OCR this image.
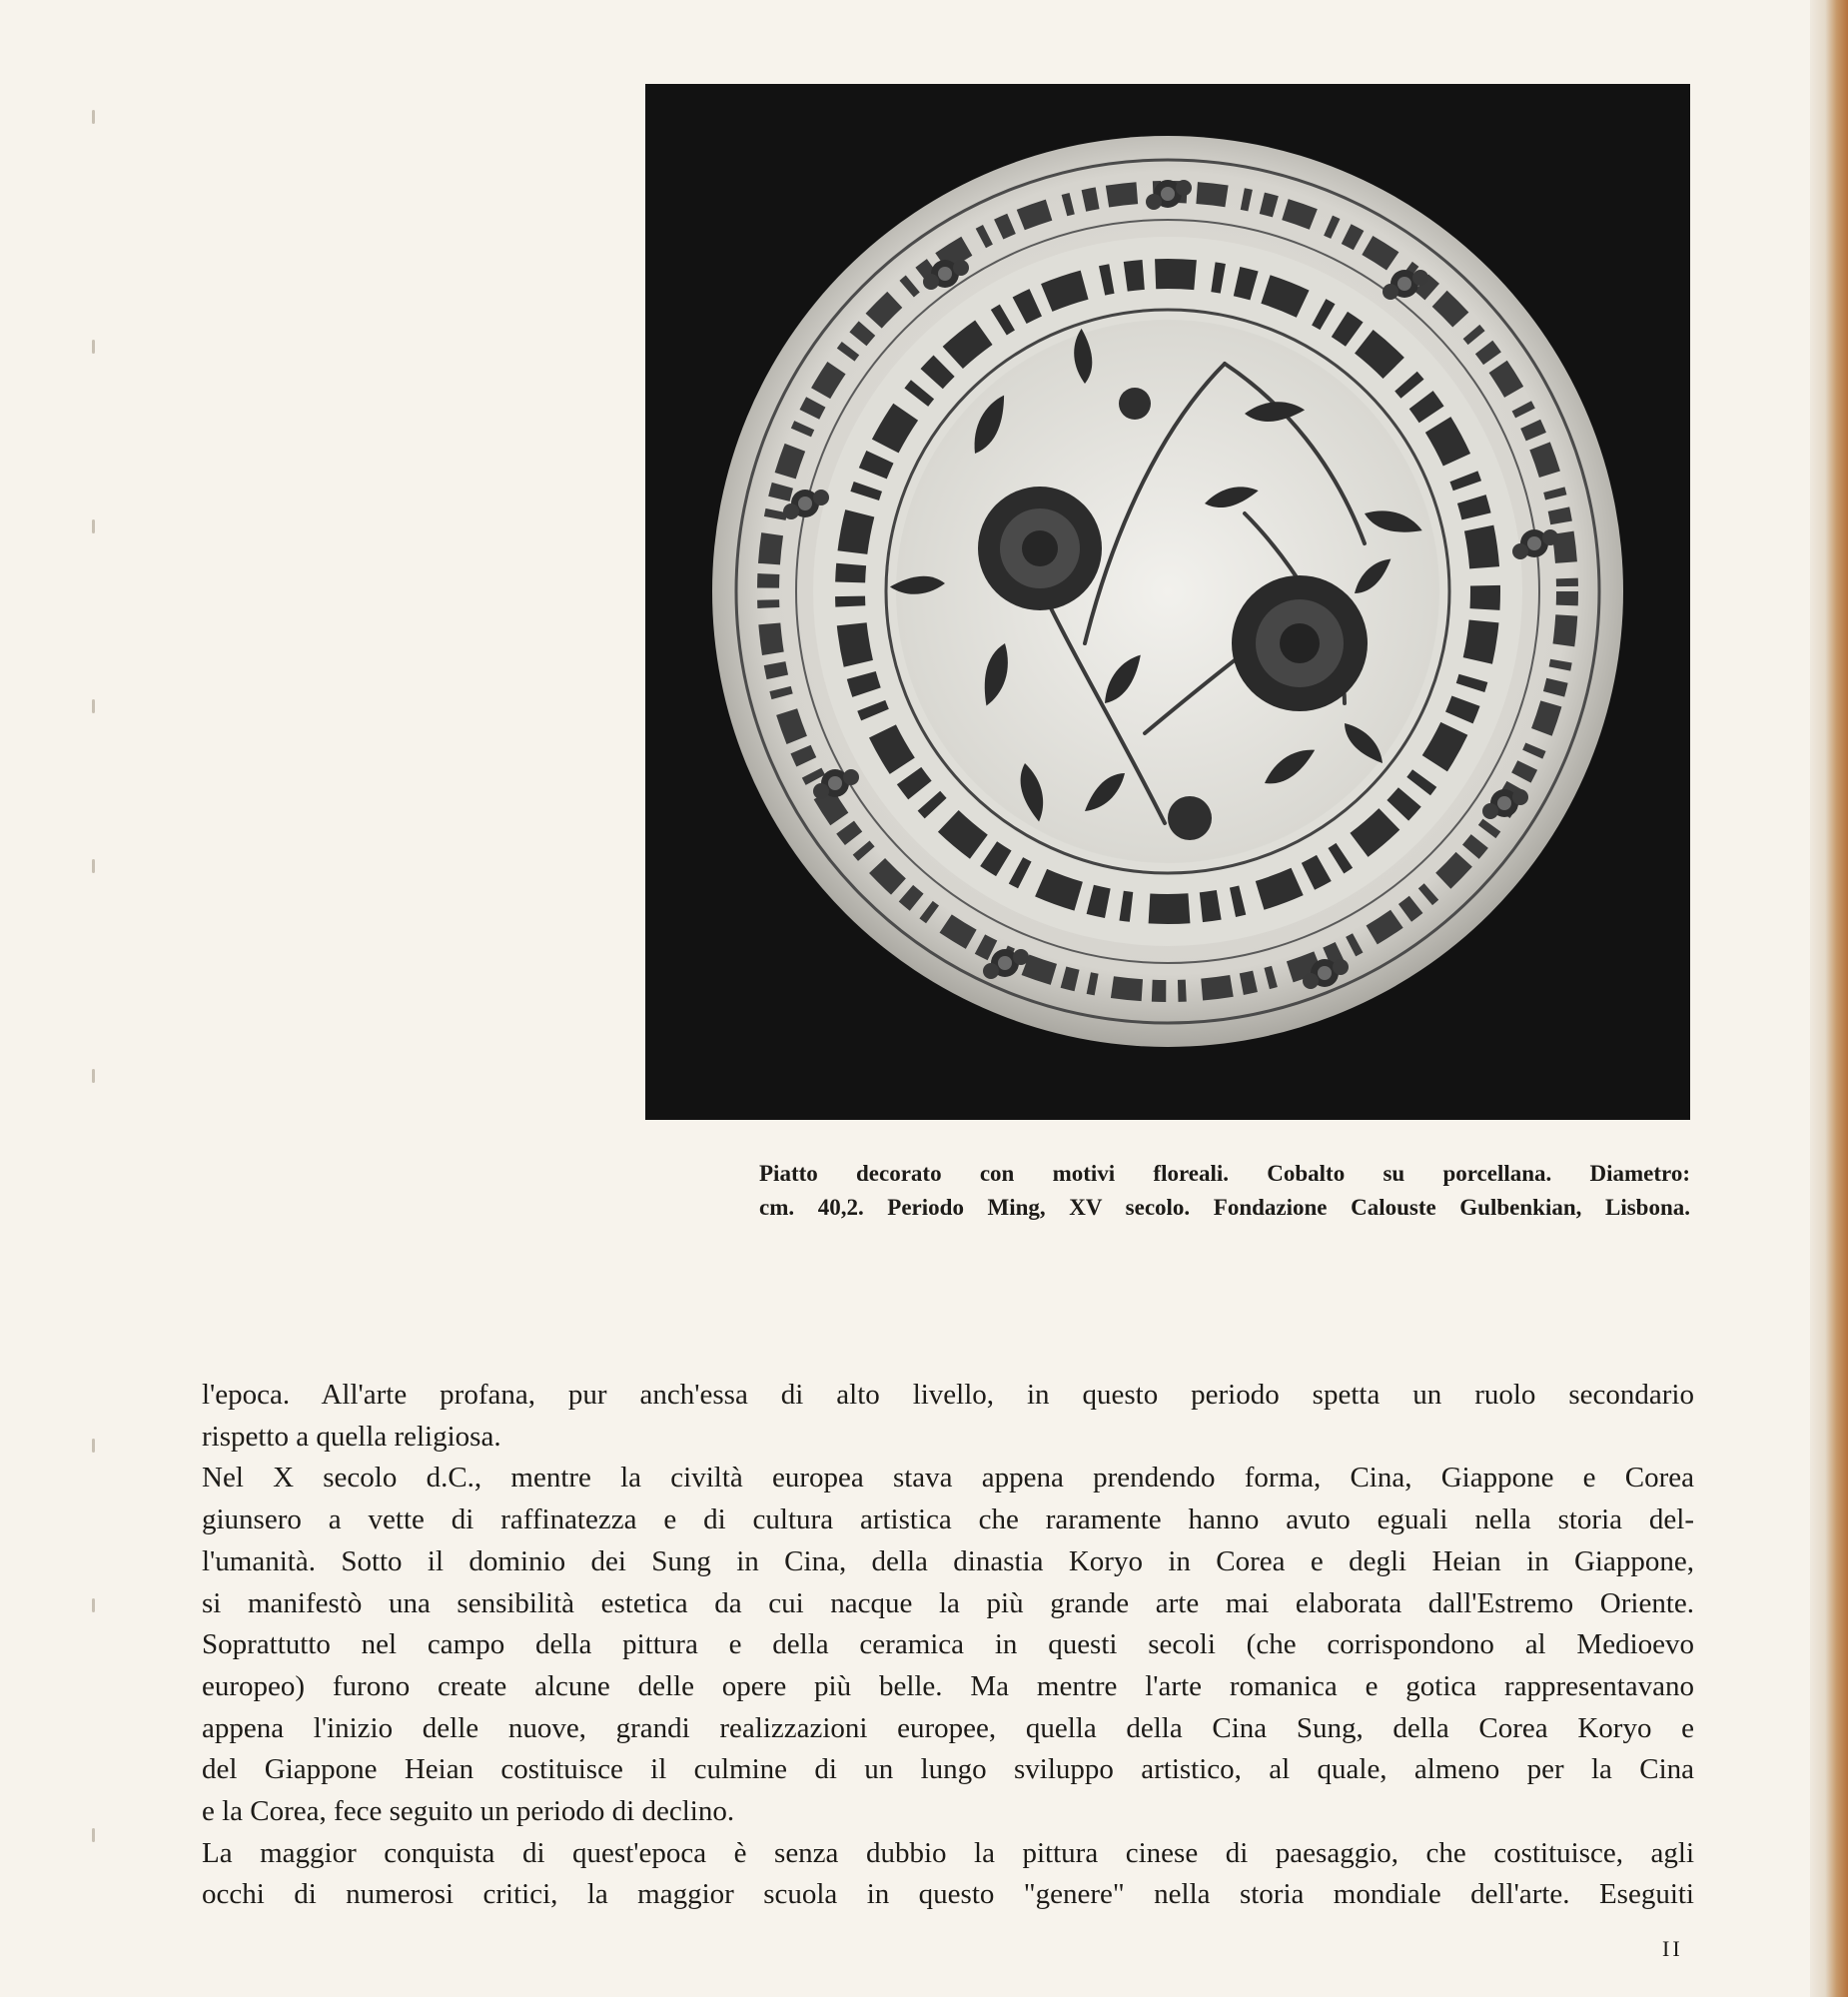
Piatto decorato con motivi floreali. Cobalto su porcellana. Diametro:
cm. 40,2. Periodo Ming, XV secolo. Fondazione Calouste Gulbenkian, Lisbona.
l'epoca. All'arte profana, pur anch'essa di alto livello, in questo periodo spetta un ruolo secondario
rispetto a quella religiosa.
Nel X secolo d.C., mentre la civiltà europea stava appena prendendo forma, Cina, Giappone e Corea
giunsero a vette di raffinatezza e di cultura artistica che raramente hanno avuto eguali nella storia del-
l'umanità. Sotto il dominio dei Sung in Cina, della dinastia Koryo in Corea e degli Heian in Giappone,
si manifestò una sensibilità estetica da cui nacque la più grande arte mai elaborata dall'Estremo Oriente.
Soprattutto nel campo della pittura e della ceramica in questi secoli (che corrispondono al Medioevo
europeo) furono create alcune delle opere più belle. Ma mentre l'arte romanica e gotica rappresentavano
appena l'inizio delle nuove, grandi realizzazioni europee, quella della Cina Sung, della Corea Koryo e
del Giappone Heian costituisce il culmine di un lungo sviluppo artistico, al quale, almeno per la Cina
e la Corea, fece seguito un periodo di declino.
La maggior conquista di quest'epoca è senza dubbio la pittura cinese di paesaggio, che costituisce, agli
occhi di numerosi critici, la maggior scuola in questo "genere" nella storia mondiale dell'arte. Eseguiti
II
